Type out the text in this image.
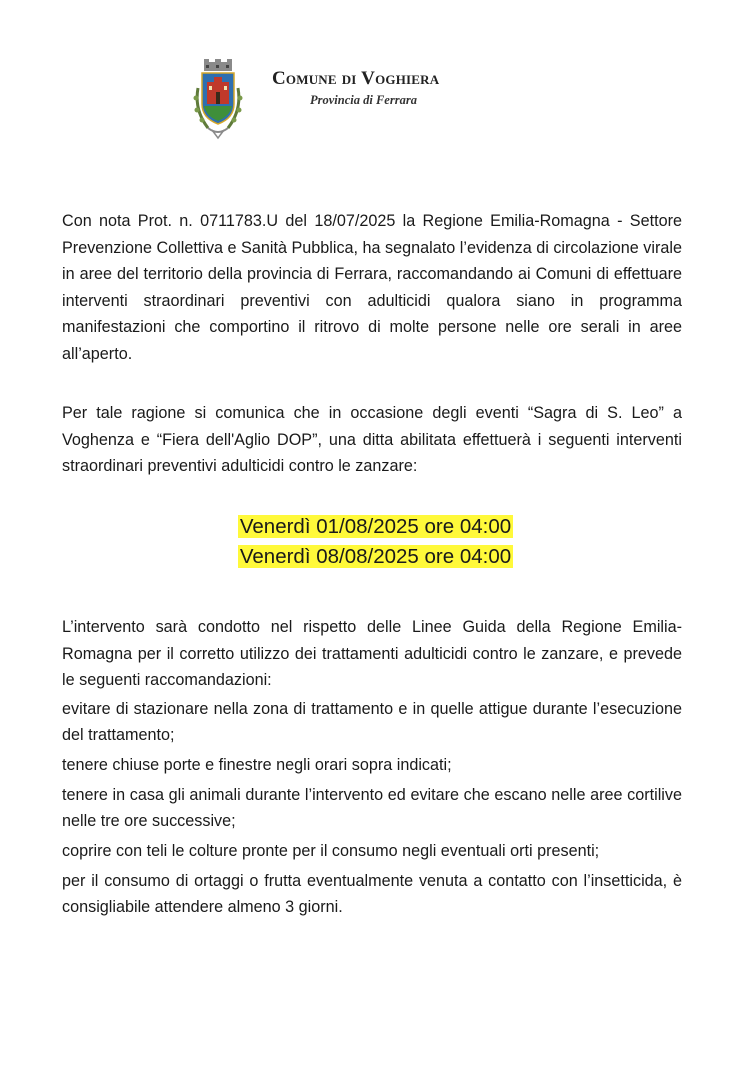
Comune di Voghiera
Provincia di Ferrara
Con nota Prot. n. 0711783.U del 18/07/2025 la Regione Emilia-Romagna - Settore Prevenzione Collettiva e Sanità Pubblica, ha segnalato l’evidenza di circolazione virale in aree del territorio della provincia di Ferrara, raccomandando ai Comuni di effettuare interventi straordinari preventivi con adulticidi qualora siano in programma manifestazioni che comportino il ritrovo di molte persone nelle ore serali in aree all’aperto.
Per tale ragione si comunica che in occasione degli eventi “Sagra di S. Leo” a Voghenza e “Fiera dell'Aglio DOP”, una ditta abilitata effettuerà i seguenti interventi straordinari preventivi adulticidi contro le zanzare:
Venerdì 01/08/2025 ore 04:00
Venerdì 08/08/2025 ore 04:00
L’intervento sarà condotto nel rispetto delle Linee Guida della Regione Emilia-Romagna per il corretto utilizzo dei trattamenti adulticidi contro le zanzare, e prevede le seguenti raccomandazioni:

evitare di stazionare nella zona di trattamento e in quelle attigue durante l’esecuzione del trattamento;

tenere chiuse porte e finestre negli orari sopra indicati;

tenere in casa gli animali durante l’intervento ed evitare che escano nelle aree cortilive nelle tre ore successive;

coprire con teli le colture pronte per il consumo negli eventuali orti presenti;

per il consumo di ortaggi o frutta eventualmente venuta a contatto con l’insetticida, è consigliabile attendere almeno 3 giorni.
